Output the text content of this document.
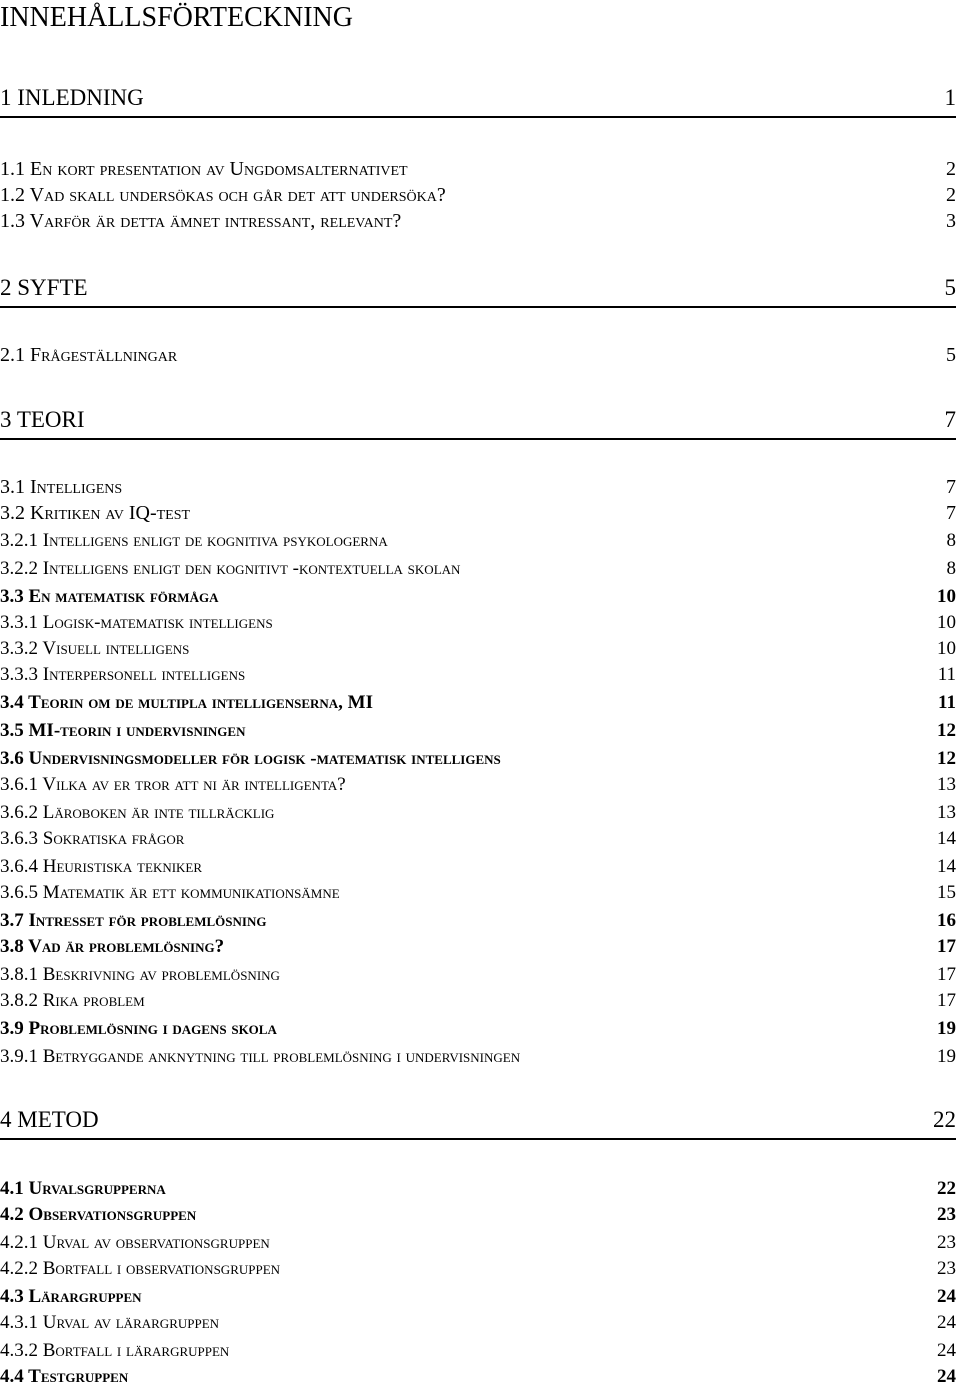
INNEHÅLLSFÖRTECKNING
1 INLEDNING	1
1.1 En kort presentation av Ungdomsalternativet	2
1.2 Vad skall undersökas och går det att undersöka?	2
1.3 Varför är detta ämnet intressant, relevant?	3
2 SYFTE	5
2.1 Frågeställningar	5
3 TEORI	7
3.1 Intelligens	7
3.2 Kritiken av IQ-test	7
3.2.1 Intelligens enligt de kognitiva psykologerna	8
3.2.2 Intelligens enligt den kognitivt -kontextuella skolan	8
3.3 En matematisk förmåga	10
3.3.1 Logisk-matematisk intelligens	10
3.3.2 Visuell intelligens	10
3.3.3 Interpersonell intelligens	11
3.4 Teorin om de multipla intelligenserna, MI	11
3.5 MI-teorin i undervisningen	12
3.6 Undervisningsmodeller för logisk -matematisk intelligens	12
3.6.1 Vilka av er tror att ni är intelligenta?	13
3.6.2 Läroboken är inte tillräcklig	13
3.6.3 Sokratiska frågor	14
3.6.4 Heuristiska tekniker	14
3.6.5 Matematik är ett kommunikationsämne	15
3.7 Intresset för problemlösning	16
3.8 Vad är problemlösning?	17
3.8.1 Beskrivning av problemlösning	17
3.8.2 Rika problem	17
3.9 Problemlösning i dagens skola	19
3.9.1 Betryggande anknytning till problemlösning i undervisningen	19
4 METOD	22
4.1 Urvalsgrupperna	22
4.2 Observationsgruppen	23
4.2.1 Urval av observationsgruppen	23
4.2.2 Bortfall i observationsgruppen	23
4.3 Lärargruppen	24
4.3.1 Urval av lärargruppen	24
4.3.2 Bortfall i lärargruppen	24
4.4 Testgruppen	24
